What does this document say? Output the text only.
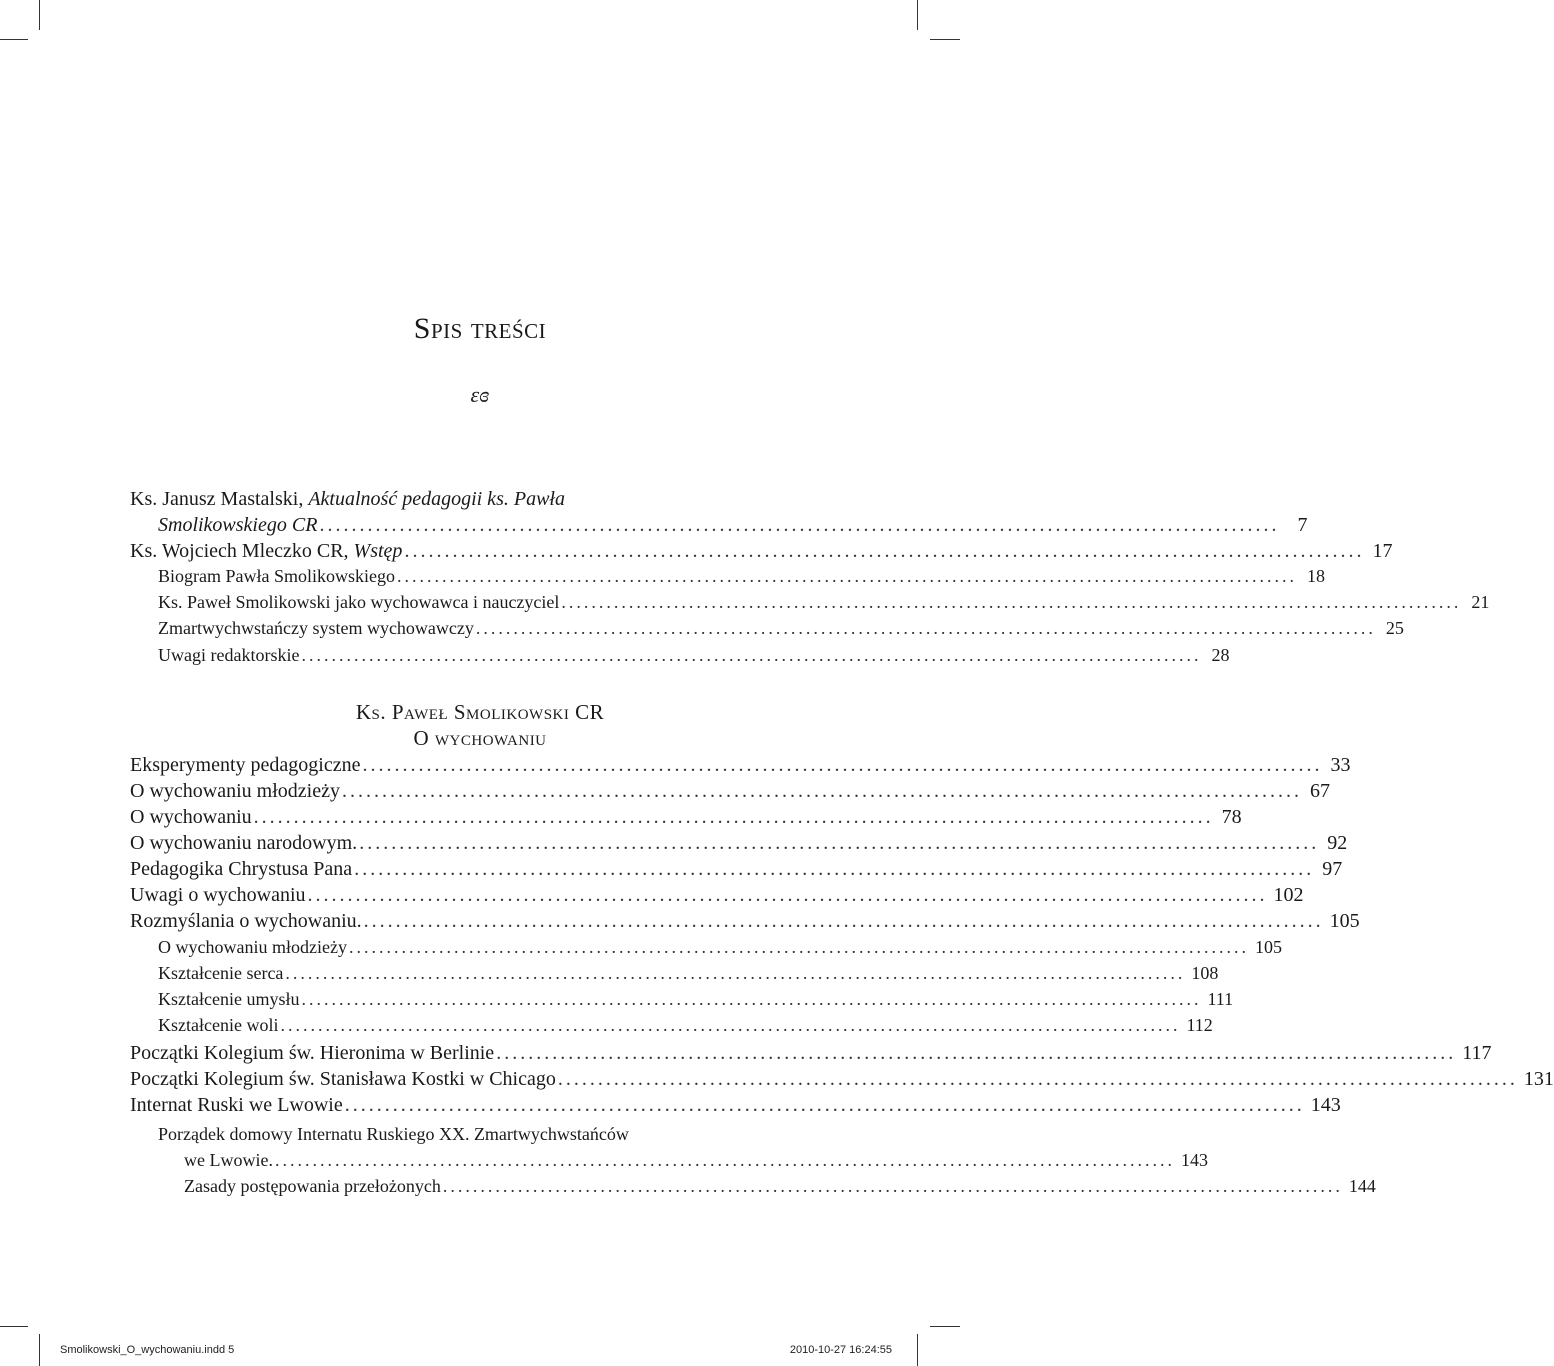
Spis treści
ɛɞ
Ks. Janusz Mastalski, Aktualność pedagogii ks. Pawła
Smolikowskiego CR ........................................................................................................................ 7
Ks. Wojciech Mleczko CR, Wstęp ........................................................................................................................ 17
Biogram Pawła Smolikowskiego ........................................................................................................................ 18
Ks. Paweł Smolikowski jako wychowawca i nauczyciel ........................................................................................................................ 21
Zmartwychwstańczy system wychowawczy ........................................................................................................................ 25
Uwagi redaktorskie ........................................................................................................................ 28
Ks. Paweł Smolikowski CR
O wychowaniu
Eksperymenty pedagogiczne ........................................................................................................................ 33
O wychowaniu młodzieży ........................................................................................................................ 67
O wychowaniu ........................................................................................................................ 78
O wychowaniu narodowym. ........................................................................................................................ 92
Pedagogika Chrystusa Pana ........................................................................................................................ 97
Uwagi o wychowaniu ........................................................................................................................ 102
Rozmyślania o wychowaniu. ........................................................................................................................ 105
O wychowaniu młodzieży ........................................................................................................................ 105
Kształcenie serca ........................................................................................................................ 108
Kształcenie umysłu ........................................................................................................................ 111
Kształcenie woli ........................................................................................................................ 112
Początki Kolegium św. Hieronima w Berlinie ........................................................................................................................ 117
Początki Kolegium św. Stanisława Kostki w Chicago ........................................................................................................................ 131
Internat Ruski we Lwowie ........................................................................................................................ 143
Porządek domowy Internatu Ruskiego XX. Zmartwychwstańców
we Lwowie. ........................................................................................................................ 143
Zasady postępowania przełożonych ........................................................................................................................ 144
Smolikowski_O_wychowaniu.indd 5	2010-10-27 16:24:55
